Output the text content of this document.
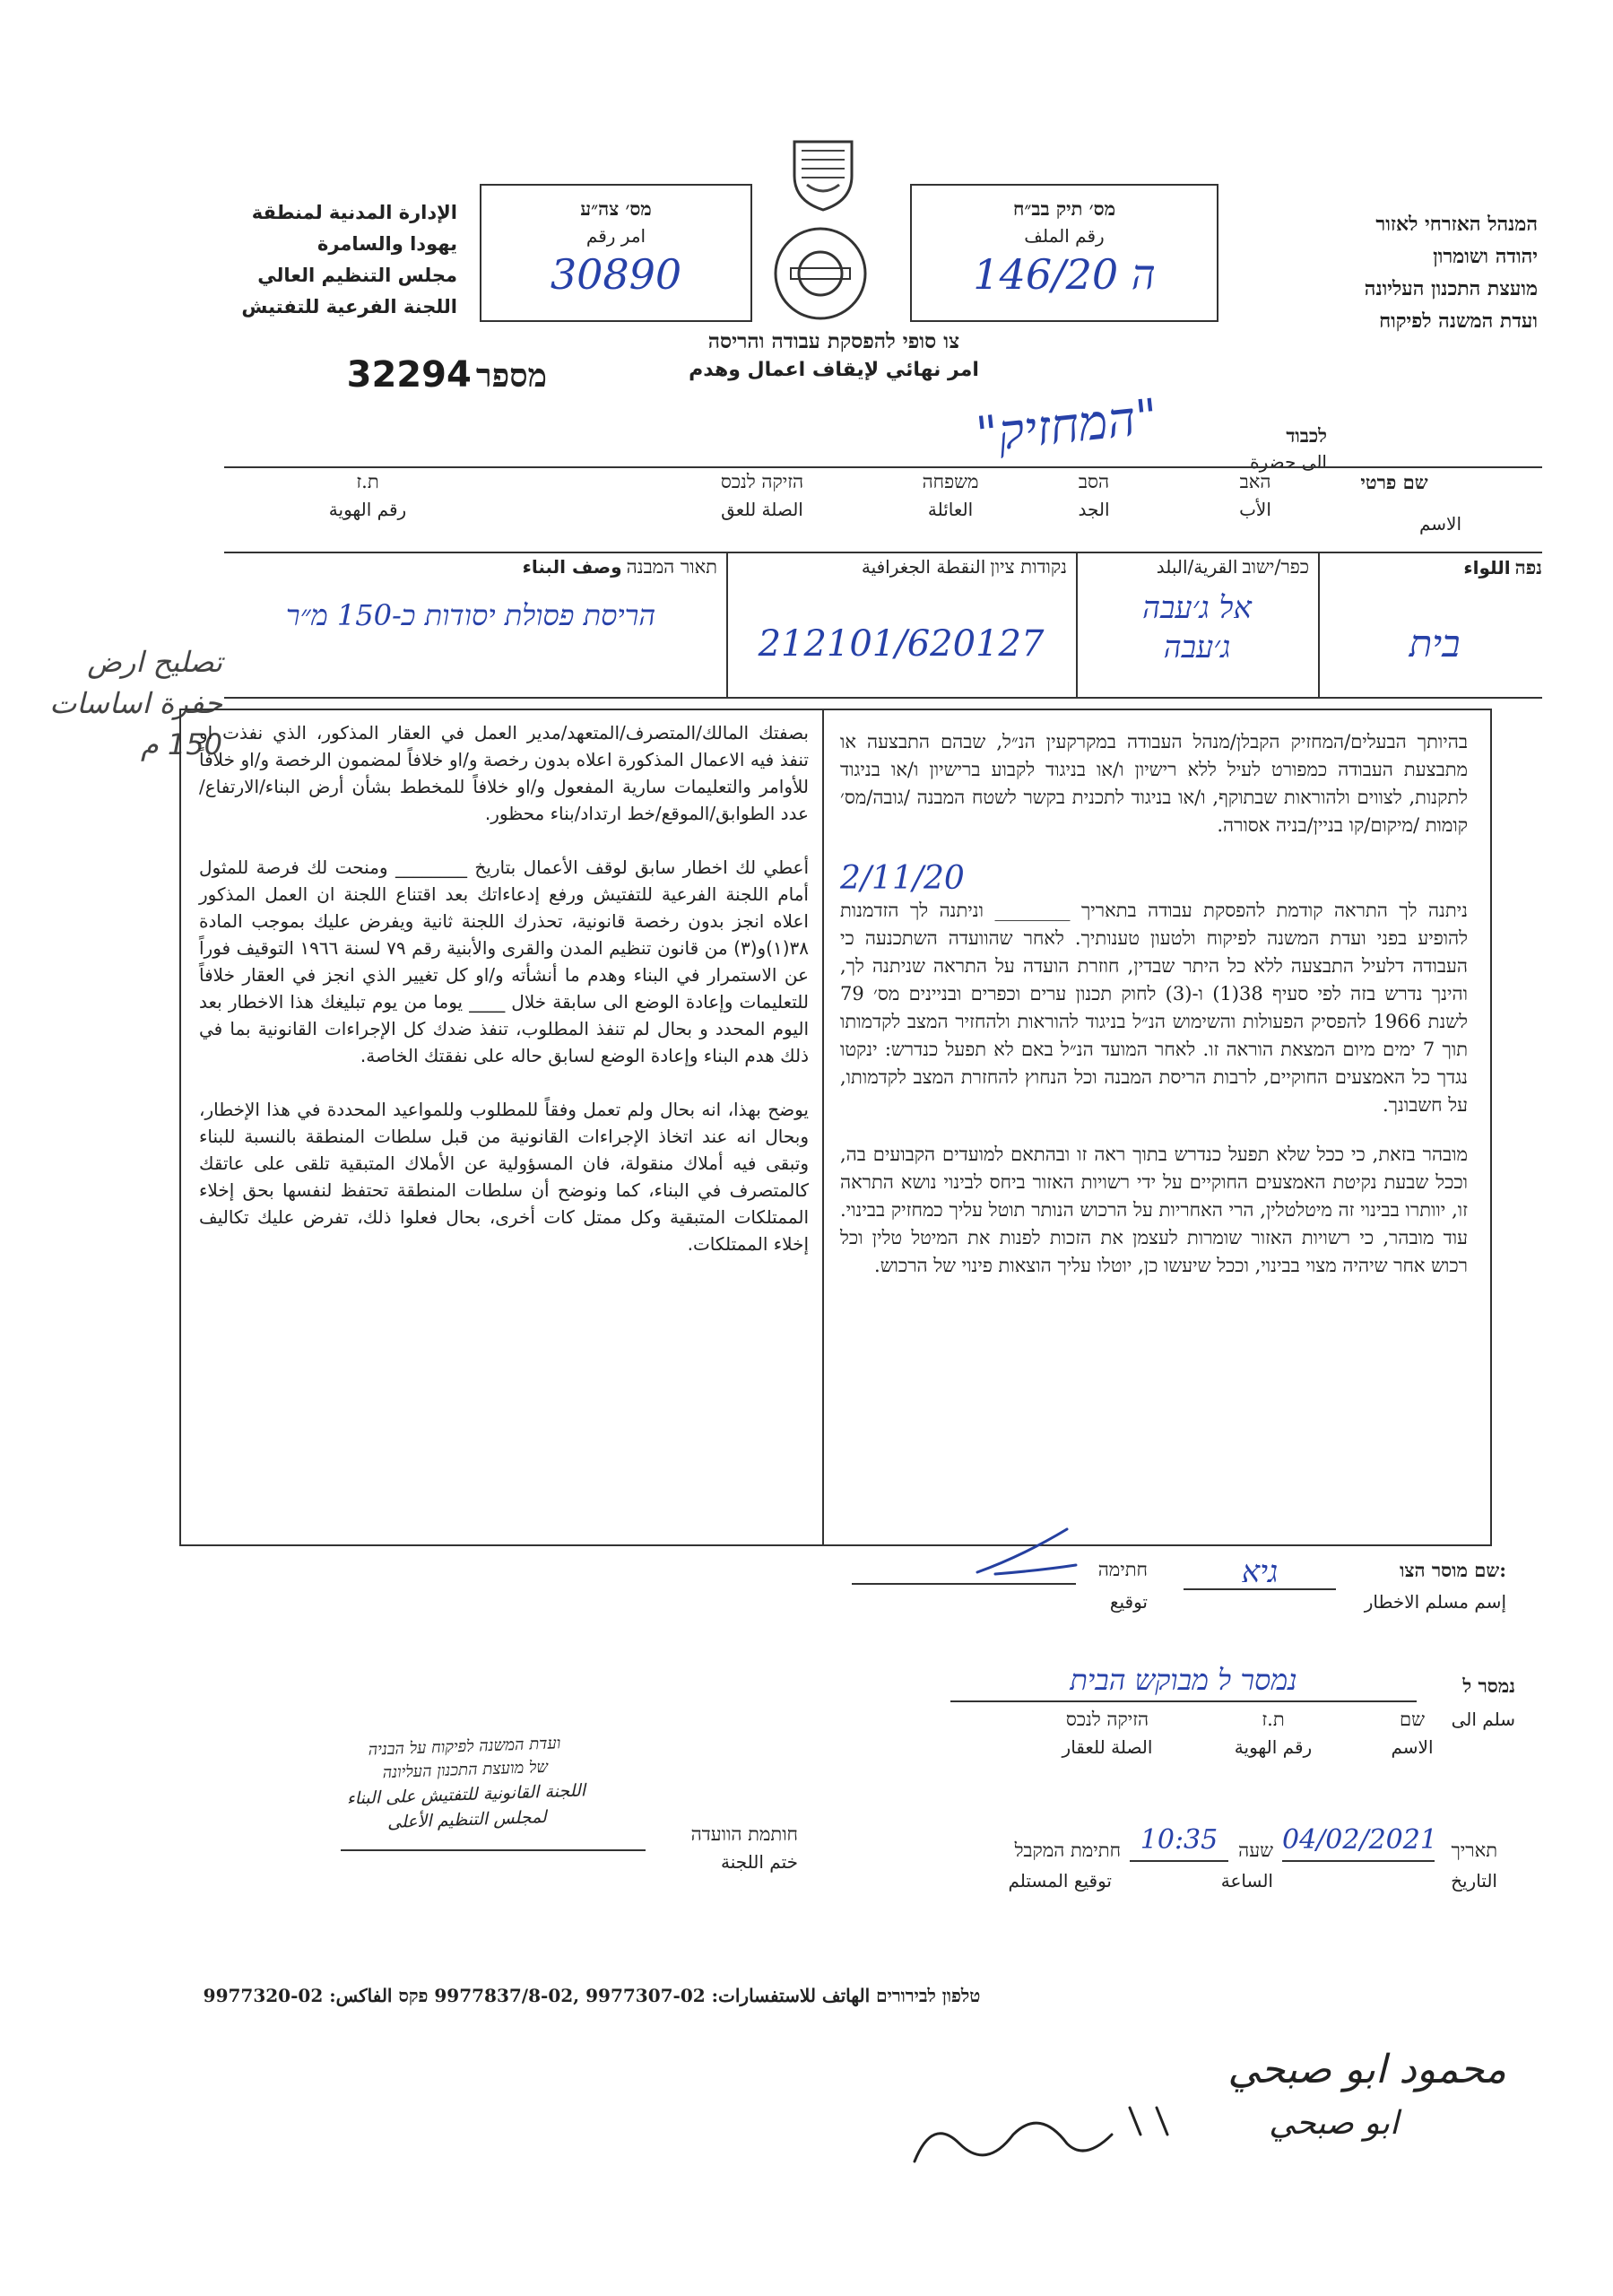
המנהל האזרחי לאזור
יהודה ושומרון
מועצת התכנון העליונה
ועדת המשנה לפיקוח
الإدارة المدنية لمنطقة
يهودا والسامرة
مجلس التنظيم العالي
اللجنة الفرعية للتفتيش
מס׳ תיק בב״ח
رقم الملف
146/20 ה
מס׳ צה״ע
امر رقم
30890
צו סופי להפסקת עבודה והריסה
امر نهائي لإيقاف اعمال وهدم
מספר 32294
לכבוד
الى حضرة
"המחזיק"
שם פרטי
الاسم
האב
الأب
הסב
الجد
משפחה
العائلة
הזיקה לנכס
الصلة للعق
ת.ז
رقم الهوية
נפה اللواء
בית
כפר/ישוב القرية/البلد
אל ג׳עבה
ג׳עבה
נקודות ציון النقطة الجغرافية
212101/620127
תאור המבנה وصف البناء
הריסת פסולת יסודות כ-150 מ״ר
تصليح ارض
حفرة اساسات
150 م	בהיותך הבעלים/המחזיק הקבלן/מנהל העבודה במקרקעין הנ״ל, שבהם התבצעה או מתבצעת העבודה כמפורט לעיל ללא רישיון ו/או בניגוד לקבוע ברישיון ו/או בניגוד לתקנות, לצווים ולהוראות שבתוקף, ו/או בניגוד לתכנית בקשר לשטח המבנה /גובה/מס׳ קומות /מיקום/קו בניין/בניה אסורה.

2/11/20

ניתנה לך התראה קודמת להפסקת עבודה בתאריך ________ וניתנה לך הזדמנות להופיע בפני ועדת המשנה לפיקוח ולטעון טענותיך. לאחר שהוועדה השתכנעה כי העבודה דלעיל התבצעה ללא כל היתר שבדין, חוזרת הועדה על התראה שניתנה לך, והינך נדרש בזה לפי סעיף 38(1) ו-(3) לחוק תכנון ערים וכפרים ובניינים מס׳ 79 לשנת 1966 להפסיק הפעולות והשימוש הנ״ל בניגוד להוראות ולהחזיר המצב לקדמותו תוך 7 ימים מיום המצאת הוראה זו. לאחר המועד הנ״ל באם לא תפעל כנדרש: ינקטו נגדך כל האמצעים החוקיים, לרבות הריסת המבנה וכל הנחוץ להחזרת המצב לקדמותו, על חשבונך.

מובהר בזאת, כי ככל שלא תפעל כנדרש בתוך ראה זו ובהתאם למועדים הקבועים בה, וככל שבעת נקיטת האמצעים החוקיים על ידי רשויות האזור ביחס לבינוי נושא התראה זו, יוותרו בבינוי זה מיטלטלין, הרי האחריות על הרכוש הנותר תוטל עליך כמחזיק בבינוי. עוד מובהר, כי רשויות האזור שומרות לעצמן את הזכות לפנות את המיטל טלין וכל רכוש אחר שיהיה מצוי בבינוי, וככל שיעשו כן, יוטלו עליך הוצאות פינוי של הרכוש.

بصفتك المالك/المتصرف/المتعهد/مدير العمل في العقار المذكور، الذي نفذت او تنفذ فيه الاعمال المذكورة اعلاه بدون رخصة و/او خلافاً لمضمون الرخصة و/او خلافاً للأوامر والتعليمات سارية المفعول و/او خلافاً للمخطط بشأن أرض البناء/الارتفاع/عدد الطوابق/الموقع/خط ارتداد/بناء محظور.

أعطي لك اخطار سابق لوقف الأعمال بتاريخ ________ ومنحت لك فرصة للمثول أمام اللجنة الفرعية للتفتيش ورفع إدعاءاتك بعد اقتناع اللجنة ان العمل المذكور اعلاه انجز بدون رخصة قانونية، تحذرك اللجنة ثانية ويفرض عليك بموجب المادة ٣٨(١)و(٣) من قانون تنظيم المدن والقرى والأبنية رقم ٧٩ لسنة ١٩٦٦ التوقيف فوراً عن الاستمرار في البناء وهدم ما أنشأته و/او كل تغيير الذي انجز في العقار خلافاً للتعليمات وإعادة الوضع الى سابقة خلال ____ يوما من يوم تبليغك هذا الاخطار بعد اليوم المحدد و بحال لم تنفذ المطلوب، تنفذ ضدك كل الإجراءات القانونية بما في ذلك هدم البناء وإعادة الوضع لسابق حاله على نفقتك الخاصة.

يوضح بهذا، انه بحال ولم تعمل وفقاً للمطلوب وللمواعيد المحددة في هذا الإخطار، وبحال انه عند اتخاذ الإجراءات القانونية من قبل سلطات المنطقة بالنسبة للبناء وتبقى فيه أملاك منقولة، فان المسؤولية عن الأملاك المتبقية تلقى على عاتقك كالمتصرف في البناء، كما ونوضح أن سلطات المنطقة تحتفظ لنفسها بحق إخلاء الممتلكات المتبقية وكل ممتل كات أخرى، بحال فعلوا ذلك، تفرض عليك تكاليف إخلاء الممتلكات.

שם מוסר הצו:
إسم مسلم الاخطار
גיא
חתימה
توقيع
נמסר ל
سلم الى
נמסר ל מבוקש הבית
שם
الاسم
ת.ז
رقم الهوية
הזיקה לנכס
الصلة للعقار
תאריך
التاريخ
04/02/2021
שעה
الساعة
10:35
חתימת המקבל
توقيع المستلم
חותמת הוועדה
ختم اللجنة
ועדת המשנה לפיקוח על הבניה
של מועצת התכנון העליונה
اللجنة القانونية للتفتيش على البناء
لمجلس التنظيم الأعلى
טלפון לבירורים الهاتف للاستفسارات: 02-9977307 ,02-9977837/8 פקס الفاكس: 02-9977320
محمود ابو صبحي
ابو صبحي
